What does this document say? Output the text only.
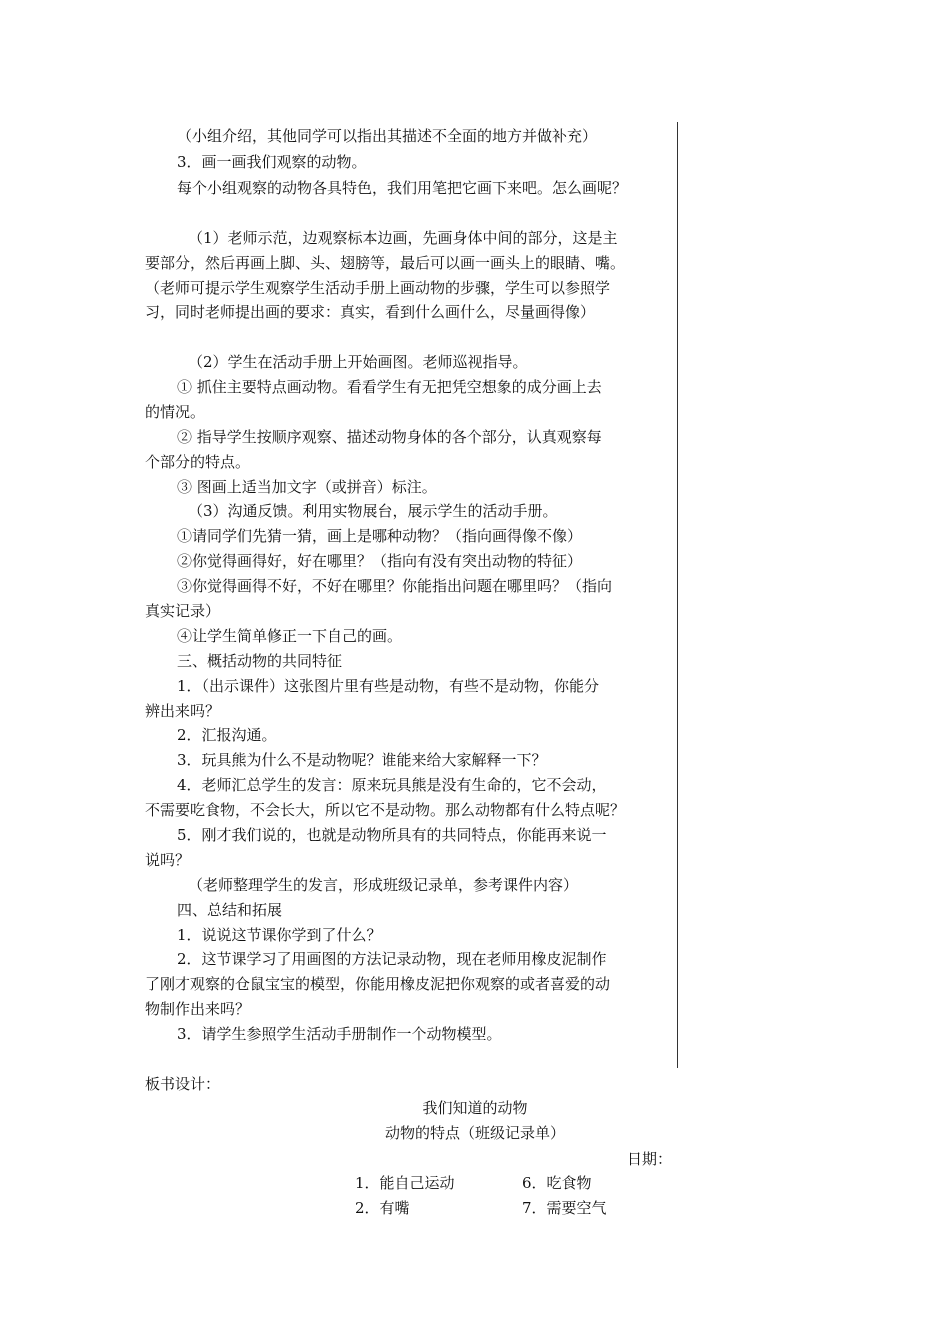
（小组介绍，其他同学可以指出其描述不全面的地方并做补充）
3．画一画我们观察的动物。
每个小组观察的动物各具特色，我们用笔把它画下来吧。怎么画呢？
（1）老师示范，边观察标本边画，先画身体中间的部分，这是主
要部分，然后再画上脚、头、翅膀等，最后可以画一画头上的眼睛、嘴。
（老师可提示学生观察学生活动手册上画动物的步骤，学生可以参照学
习，同时老师提出画的要求：真实，看到什么画什么，尽量画得像）
（2）学生在活动手册上开始画图。老师巡视指导。
① 抓住主要特点画动物。看看学生有无把凭空想象的成分画上去
的情况。
② 指导学生按顺序观察、描述动物身体的各个部分，认真观察每
个部分的特点。
③ 图画上适当加文字（或拼音）标注。
（3）沟通反馈。利用实物展台，展示学生的活动手册。
①请同学们先猜一猜，画上是哪种动物？（指向画得像不像）
②你觉得画得好，好在哪里？（指向有没有突出动物的特征）
③你觉得画得不好，不好在哪里？你能指出问题在哪里吗？（指向
真实记录）
④让学生简单修正一下自己的画。
三、概括动物的共同特征
1．（出示课件）这张图片里有些是动物，有些不是动物，你能分
辨出来吗？
2．汇报沟通。
3．玩具熊为什么不是动物呢？谁能来给大家解释一下？
4．老师汇总学生的发言：原来玩具熊是没有生命的，它不会动，
不需要吃食物，不会长大，所以它不是动物。那么动物都有什么特点呢？
5．刚才我们说的，也就是动物所具有的共同特点，你能再来说一
说吗？
（老师整理学生的发言，形成班级记录单，参考课件内容）
四、总结和拓展
1．说说这节课你学到了什么？
2．这节课学习了用画图的方法记录动物，现在老师用橡皮泥制作
了刚才观察的仓鼠宝宝的模型，你能用橡皮泥把你观察的或者喜爱的动
物制作出来吗？
3．请学生参照学生活动手册制作一个动物模型。
板书设计：
我们知道的动物
动物的特点（班级记录单）
日期：
1．能自己运动	6．吃食物
2．有嘴	7．需要空气
